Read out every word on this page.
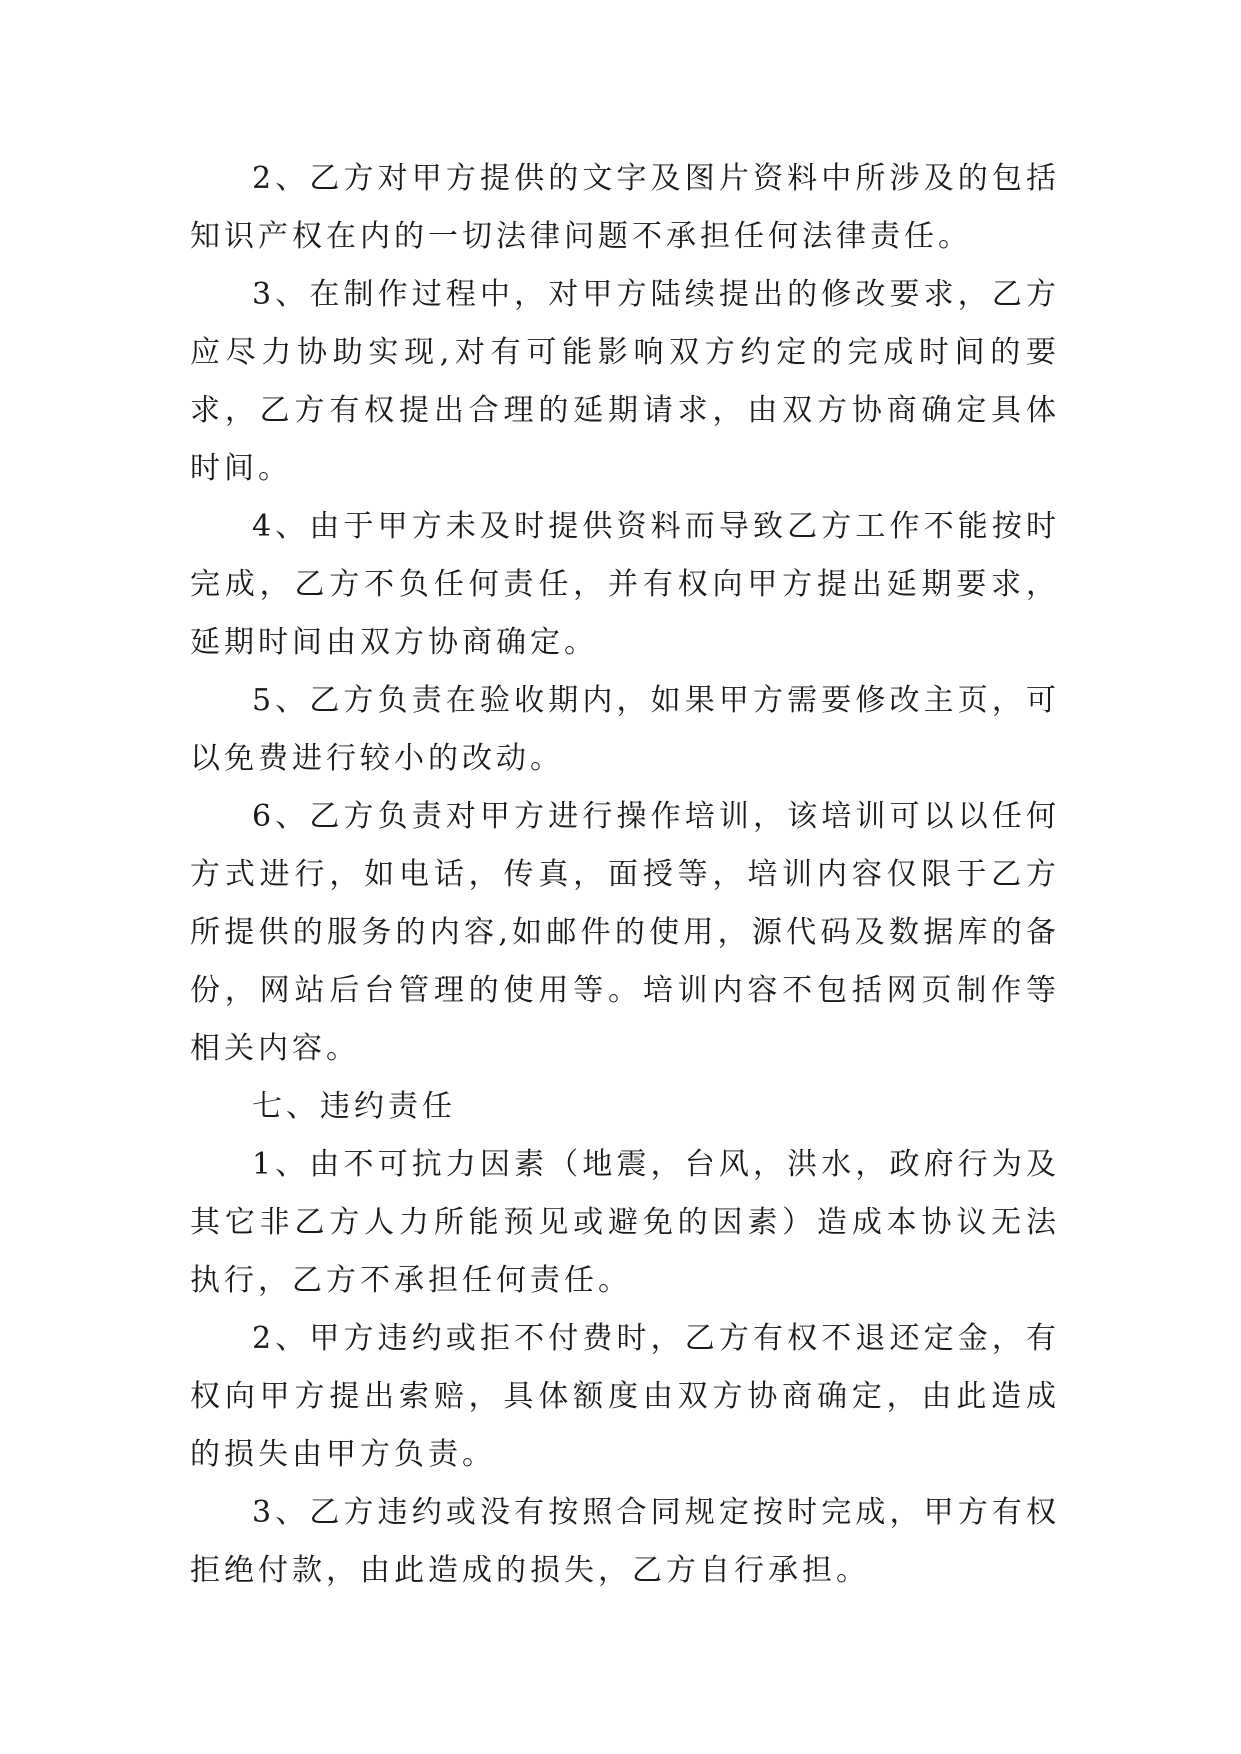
2、乙方对甲方提供的文字及图片资料中所涉及的包括知识产权在内的一切法律问题不承担任何法律责任。

3、在制作过程中，对甲方陆续提出的修改要求，乙方应尽力协助实现,对有可能影响双方约定的完成时间的要求，乙方有权提出合理的延期请求，由双方协商确定具体时间。

4、由于甲方未及时提供资料而导致乙方工作不能按时完成，乙方不负任何责任，并有权向甲方提出延期要求，延期时间由双方协商确定。

5、乙方负责在验收期内，如果甲方需要修改主页，可以免费进行较小的改动。

6、乙方负责对甲方进行操作培训，该培训可以以任何方式进行，如电话，传真，面授等，培训内容仅限于乙方所提供的服务的内容,如邮件的使用，源代码及数据库的备份，网站后台管理的使用等。培训内容不包括网页制作等相关内容。

七、违约责任

1、由不可抗力因素（地震，台风，洪水，政府行为及其它非乙方人力所能预见或避免的因素）造成本协议无法执行，乙方不承担任何责任。

2、甲方违约或拒不付费时，乙方有权不退还定金，有权向甲方提出索赔，具体额度由双方协商确定，由此造成的损失由甲方负责。

3、乙方违约或没有按照合同规定按时完成，甲方有权拒绝付款，由此造成的损失，乙方自行承担。
